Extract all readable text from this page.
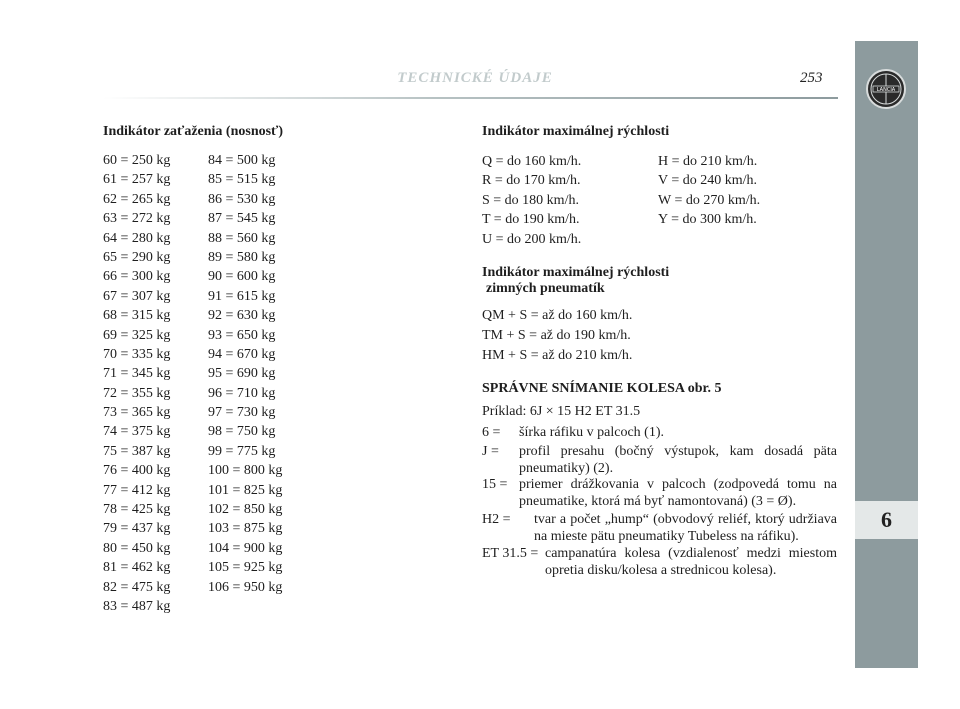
LANCIA
6
TECHNICKÉ ÚDAJE	253
Indikátor zaťaženia (nosnosť)
60 = 250 kg
61 = 257 kg
62 = 265 kg
63 = 272 kg
64 = 280 kg
65 = 290 kg
66 = 300 kg
67 = 307 kg
68 = 315 kg
69 = 325 kg
70 = 335 kg
71 = 345 kg
72 = 355 kg
73 = 365 kg
74 = 375 kg
75 = 387 kg
76 = 400 kg
77 = 412 kg
78 = 425 kg
79 = 437 kg
80 = 450 kg
81 = 462 kg
82 = 475 kg
83 = 487 kg
84 = 500 kg
85 = 515 kg
86 = 530 kg
87 = 545 kg
88 = 560 kg
89 = 580 kg
90 = 600 kg
91 = 615 kg
92 = 630 kg
93 = 650 kg
94 = 670 kg
95 = 690 kg
96 = 710 kg
97 = 730 kg
98 = 750 kg
99 = 775 kg
100 = 800 kg
101 = 825 kg
102 = 850 kg
103 = 875 kg
104 = 900 kg
105 = 925 kg
106 = 950 kg
Indikátor maximálnej rýchlosti
Q = do 160 km/h.
R = do 170 km/h.
S = do 180 km/h.
T = do 190 km/h.
U = do 200 km/h.
H = do 210 km/h.
V = do 240 km/h.
W = do 270 km/h.
Y = do 300 km/h.
Indikátor maximálnej rýchlosti
zimných pneumatík
QM + S = až do 160 km/h.
TM + S = až do 190 km/h.
HM + S = až do 210 km/h.
SPRÁVNE SNÍMANIE KOLESA obr. 5
Príklad: 6J × 15 H2 ET 31.5
6 =	šírka ráfiku v palcoch (1).
J =	profil presahu (bočný výstupok, kam dosadá päta pneumatiky) (2).
15 = priemer drážkovania v palcoch (zodpovedá tomu na pneumatike, ktorá má byť namontovaná) (3 = Ø).
H2 =	tvar a počet „hump“ (obvodový reliéf, ktorý udržiava na mieste pätu pneumatiky Tubeless na ráfiku).
ET 31.5 = campanatúra kolesa (vzdialenosť medzi miestom opretia disku/kolesa a strednicou kolesa).
